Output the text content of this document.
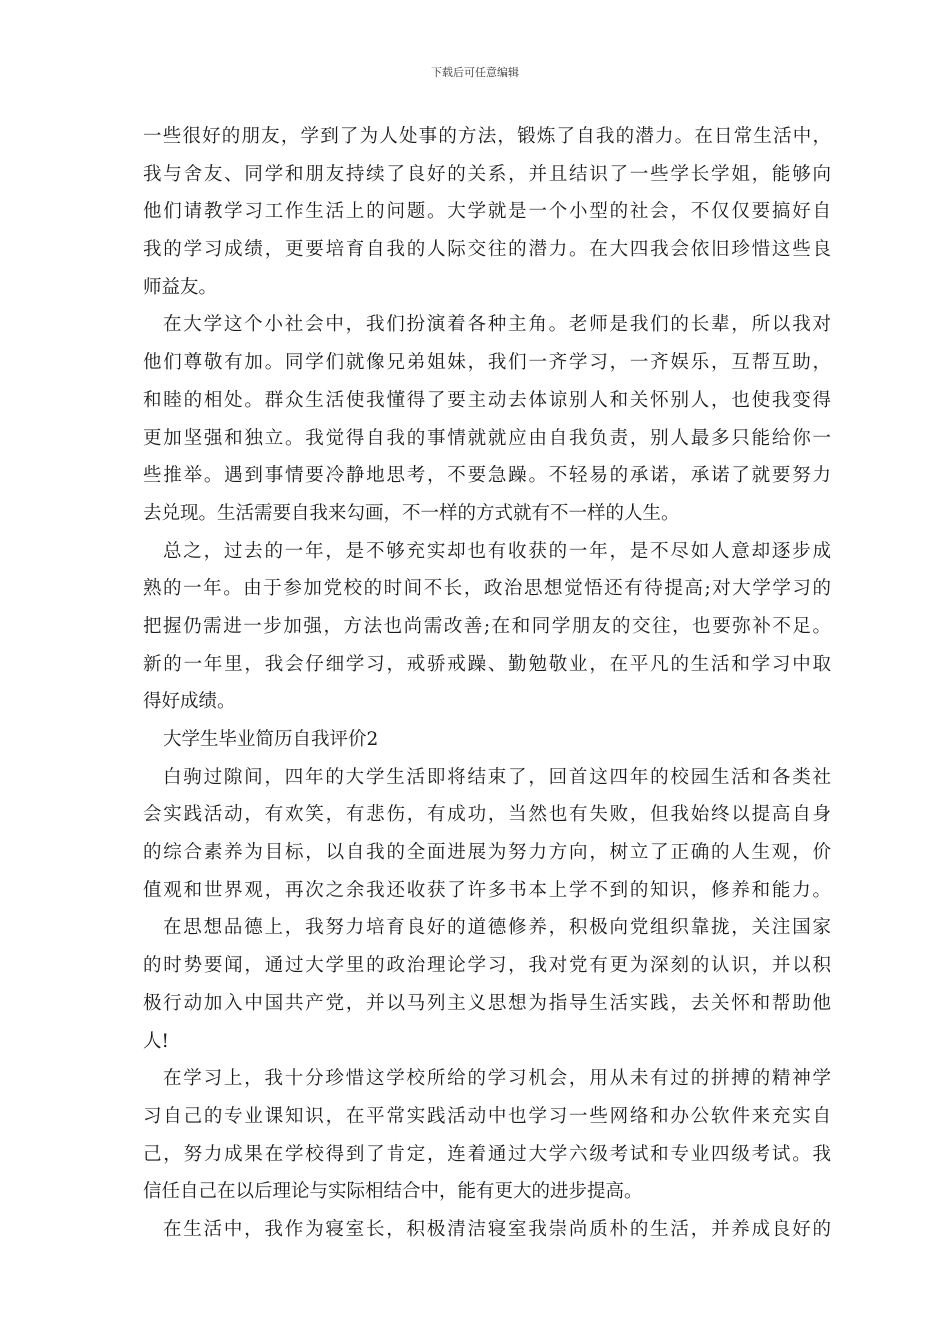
下载后可任意编辑
一些很好的朋友，学到了为人处事的方法，锻炼了自我的潜力。在日常生活中，
我与舍友、同学和朋友持续了良好的关系，并且结识了一些学长学姐，能够向
他们请教学习工作生活上的问题。大学就是一个小型的社会，不仅仅要搞好自
我的学习成绩，更要培育自我的人际交往的潜力。在大四我会依旧珍惜这些良
师益友。
在大学这个小社会中，我们扮演着各种主角。老师是我们的长辈，所以我对
他们尊敬有加。同学们就像兄弟姐妹，我们一齐学习，一齐娱乐，互帮互助，
和睦的相处。群众生活使我懂得了要主动去体谅别人和关怀别人，也使我变得
更加坚强和独立。我觉得自我的事情就就应由自我负责，别人最多只能给你一
些推举。遇到事情要冷静地思考，不要急躁。不轻易的承诺，承诺了就要努力
去兑现。生活需要自我来勾画，不一样的方式就有不一样的人生。
总之，过去的一年，是不够充实却也有收获的一年，是不尽如人意却逐步成
熟的一年。由于参加党校的时间不长，政治思想觉悟还有待提高;对大学学习的
把握仍需进一步加强，方法也尚需改善;在和同学朋友的交往，也要弥补不足。
新的一年里，我会仔细学习，戒骄戒躁、勤勉敬业，在平凡的生活和学习中取
得好成绩。
大学生毕业简历自我评价2
白驹过隙间，四年的大学生活即将结束了，回首这四年的校园生活和各类社
会实践活动，有欢笑，有悲伤，有成功，当然也有失败，但我始终以提高自身
的综合素养为目标，以自我的全面进展为努力方向，树立了正确的人生观，价
值观和世界观，再次之余我还收获了许多书本上学不到的知识，修养和能力。
在思想品德上，我努力培育良好的道德修养，积极向党组织靠拢，关注国家
的时势要闻，通过大学里的政治理论学习，我对党有更为深刻的认识，并以积
极行动加入中国共产党，并以马列主义思想为指导生活实践，去关怀和帮助他
人!
在学习上，我十分珍惜这学校所给的学习机会，用从未有过的拼搏的精神学
习自己的专业课知识，在平常实践活动中也学习一些网络和办公软件来充实自
己，努力成果在学校得到了肯定，连着通过大学六级考试和专业四级考试。我
信任自己在以后理论与实际相结合中，能有更大的进步提高。
在生活中，我作为寝室长，积极清洁寝室我崇尚质朴的生活，并养成良好的
